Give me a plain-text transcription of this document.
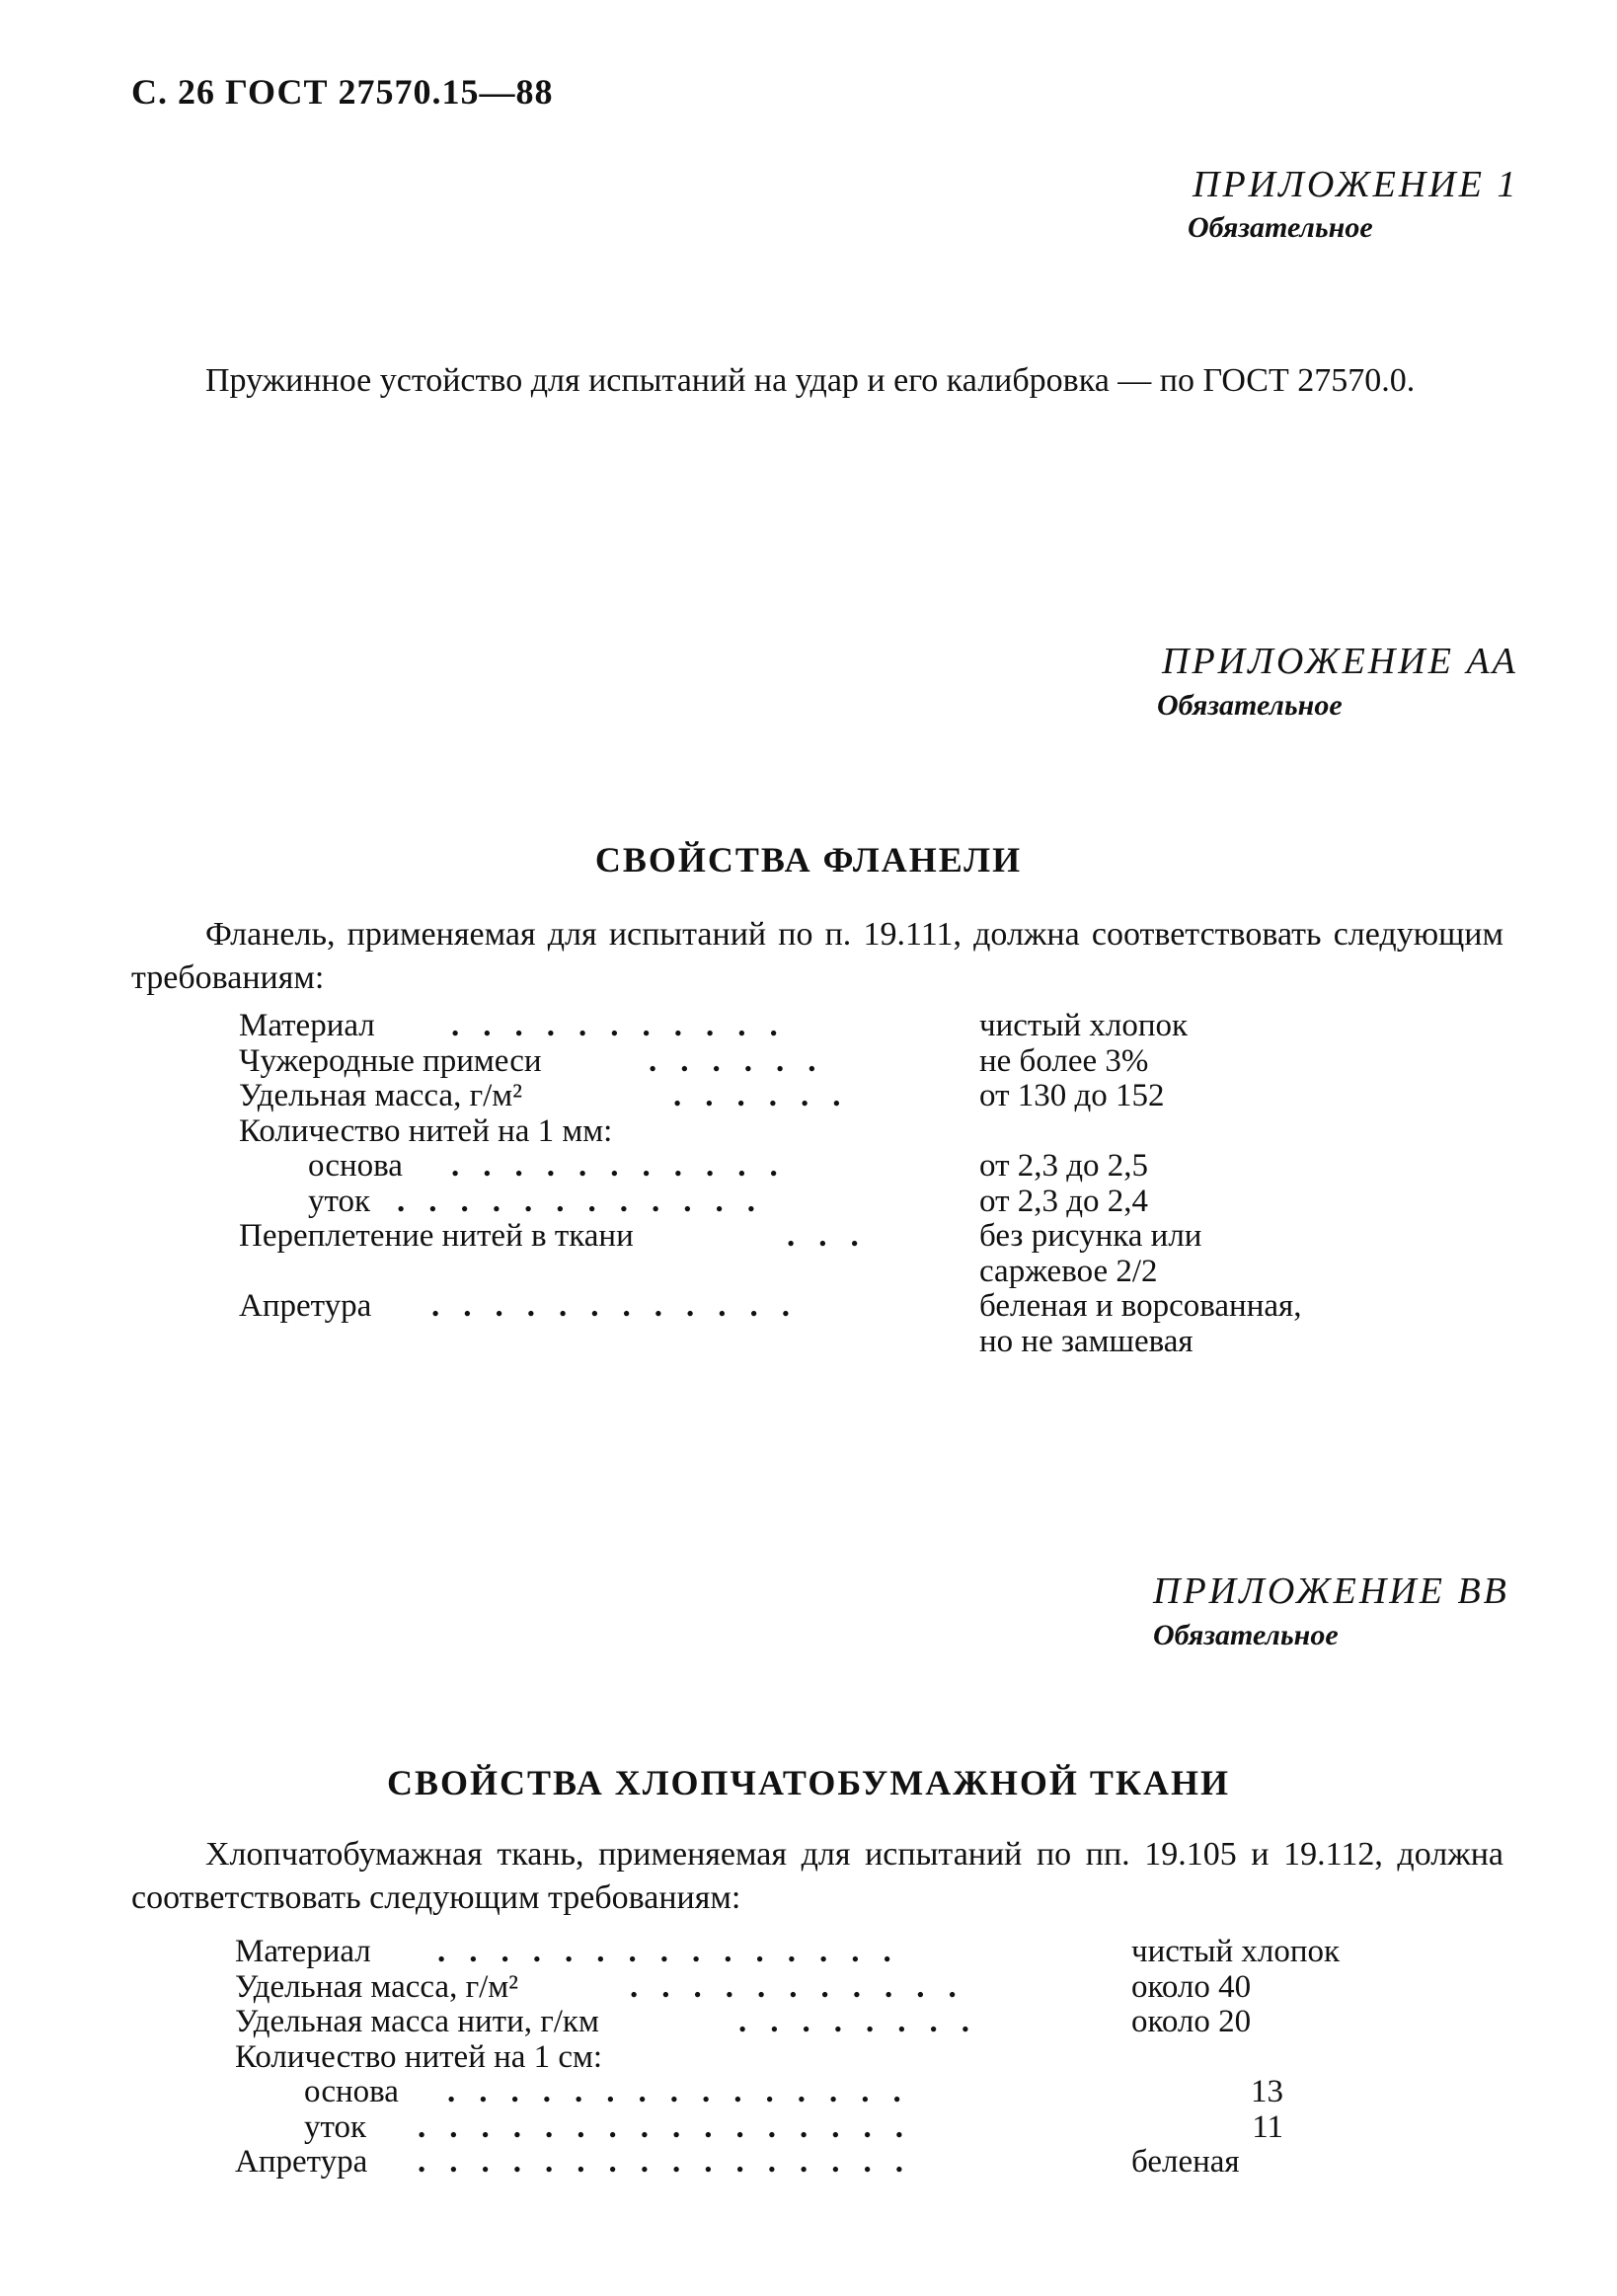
С. 26 ГОСТ 27570.15—88
ПРИЛОЖЕНИЕ 1
Обязательное
Пружинное устойство для испытаний на удар и его калибровка — по ГОСТ 27570.0.
ПРИЛОЖЕНИЕ АА
Обязательное
СВОЙСТВА ФЛАНЕЛИ
Фланель, применяемая для испытаний по п. 19.111, должна соответствовать следующим требованиям:
Материал ...........	чистый хлопок
Чужеродные примеси	......	не более 3%
Удельная масса, г/м²	......	от 130 до 152
Количество нитей на 1 мм:
основа ...........	от 2,3 до 2,5
уток ............	от 2,3 до 2,4
Переплетение нитей в ткани	...	без рисунка или
саржевое 2/2
Апретура ............	беленая и ворсованная,
но не замшевая
ПРИЛОЖЕНИЕ ВВ
Обязательное
СВОЙСТВА ХЛОПЧАТОБУМАЖНОЙ ТКАНИ
Хлопчатобумажная ткань, применяемая для испытаний по пп. 19.105 и 19.112, должна соответствовать следующим требованиям:
Материал ...............	чистый хлопок
Удельная масса, г/м²	...........	около 40
Удельная масса нити, г/км	........	около 20
Количество нитей на 1 см:
основа ...............	13
уток ................	11
Апретура ................	беленая
